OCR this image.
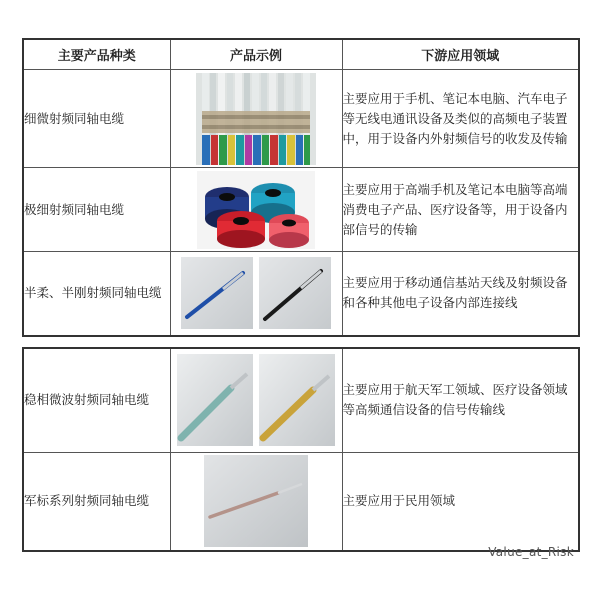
主要产品种类	产品示例	下游应用领域
细微射频同轴电缆		主要应用于手机、笔记本电脑、汽车电子等无线电通讯设备及类似的高频电子装置中，用于设备内外射频信号的收发及传输
极细射频同轴电缆		主要应用于高端手机及笔记本电脑等高端消费电子产品、医疗设备等，用于设备内部信号的传输
半柔、半刚射频同轴电缆		主要应用于移动通信基站天线及射频设备和各种其他电子设备内部连接线
稳相微波射频同轴电缆		主要应用于航天军工领域、医疗设备领域等高频通信设备的信号传输线
军标系列射频同轴电缆		主要应用于民用领域
Value_at_Risk
